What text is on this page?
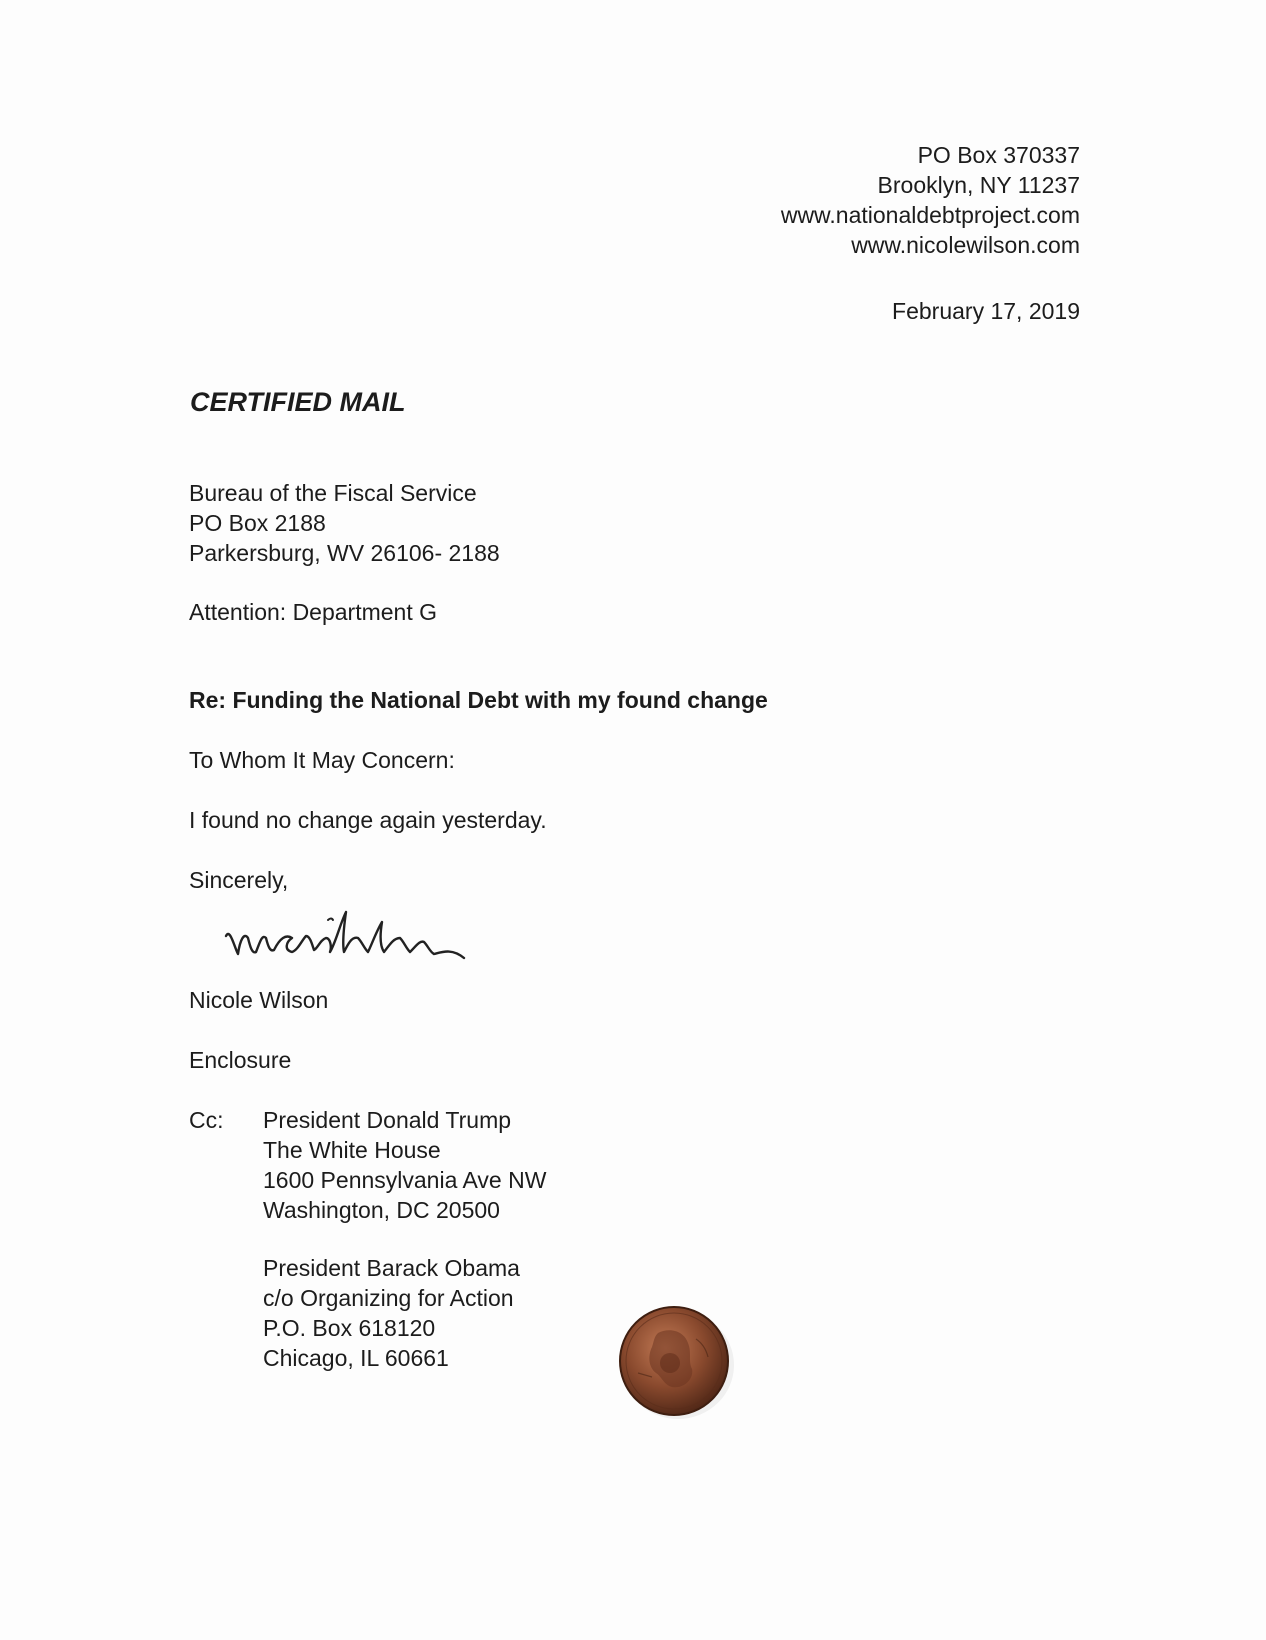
PO Box 370337
Brooklyn, NY 11237
www.nationaldebtproject.com
www.nicolewilson.com
February 17, 2019
CERTIFIED MAIL
Bureau of the Fiscal Service
PO Box 2188
Parkersburg, WV 26106- 2188
Attention: Department G
Re: Funding the National Debt with my found change
To Whom It May Concern:
I found no change again yesterday.
Sincerely,
Nicole Wilson
Enclosure
Cc: President Donald Trump
The White House
1600 Pennsylvania Ave NW
Washington, DC 20500
President Barack Obama
c/o Organizing for Action
P.O. Box 618120
Chicago, IL 60661
